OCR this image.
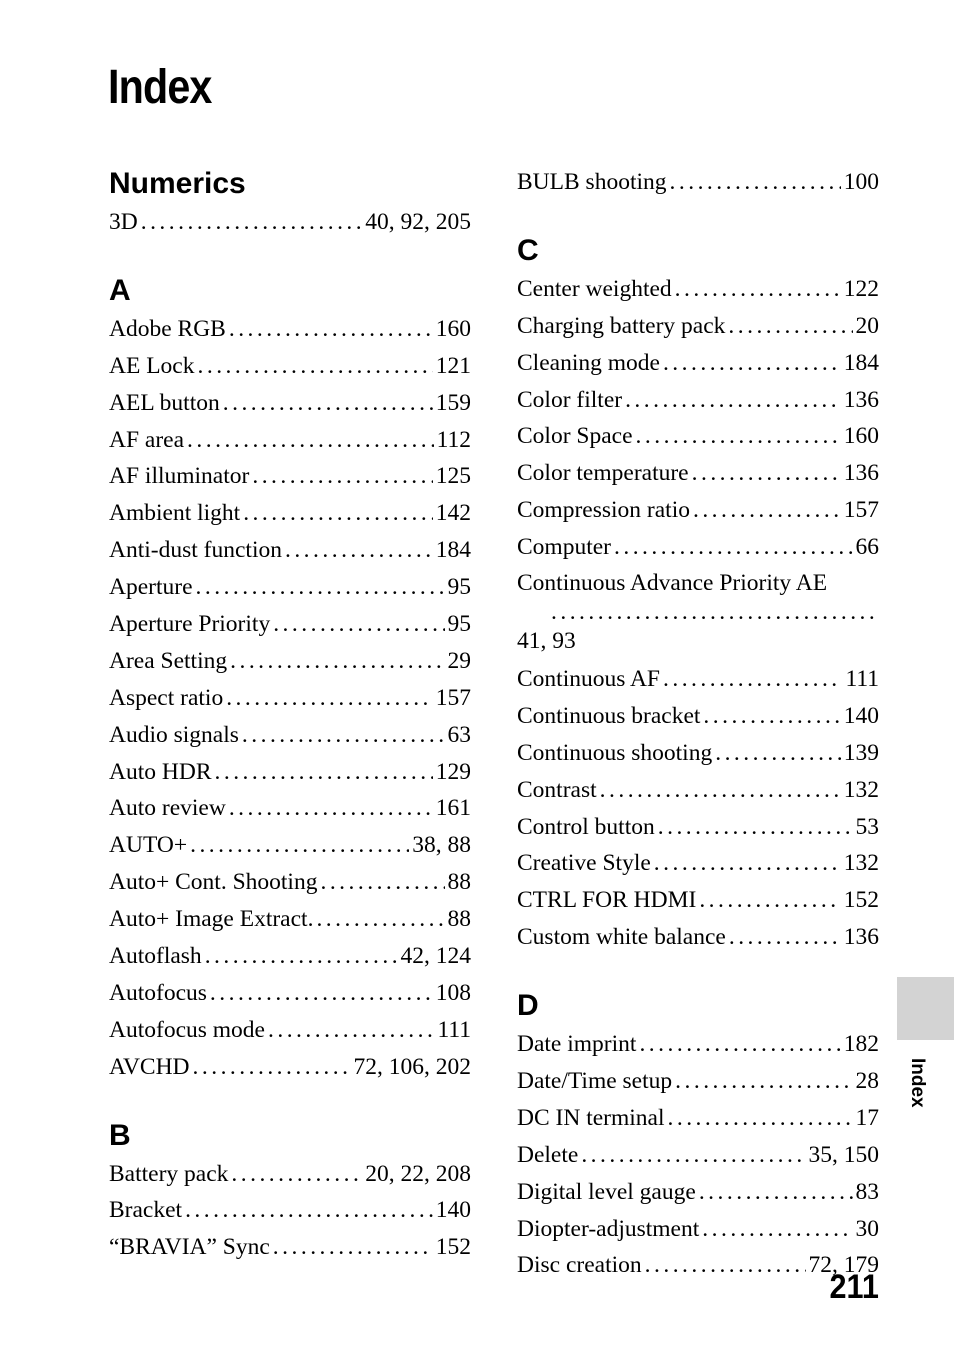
Index
Numerics
3D . . .	40, 92, 205
A
Adobe RGB . . .	160
AE Lock . . .	121
AEL button . . .	159
AF area . . .	112
AF illuminator . . .	125
Ambient light . . .	142
Anti-dust function . . .	184
Aperture . . .	95
Aperture Priority . . .	95
Area Setting . . .	29
Aspect ratio . . .	157
Audio signals . . .	63
Auto HDR . . .	129
Auto review . . .	161
AUTO+ . . .	38, 88
Auto+ Cont. Shooting . . .	88
Auto+ Image Extract. . . .	88
Autoflash . . .	42, 124
Autofocus . . .	108
Autofocus mode . . .	111
AVCHD . . .	72, 106, 202
B
Battery pack . . .	20, 22, 208
Bracket . . .	140
“BRAVIA” Sync . . .	152
BULB shooting . . .	100
C
Center weighted . . .	122
Charging battery pack . . .	20
Cleaning mode . . .	184
Color filter . . .	136
Color Space . . .	160
Color temperature . . .	136
Compression ratio . . .	157
Computer . . .	66
Continuous Advance Priority AE
. . .
41, 93
Continuous AF . . .	111
Continuous bracket . . .	140
Continuous shooting . . .	139
Contrast . . .	132
Control button . . .	53
Creative Style . . .	132
CTRL FOR HDMI . . .	152
Custom white balance . . .	136
D
Date imprint . . .	182
Date/Time setup . . .	28
DC IN terminal . . .	17
Delete . . .	35, 150
Digital level gauge . . .	83
Diopter-adjustment . . .	30
Disc creation . . .	72, 179
Index
211
